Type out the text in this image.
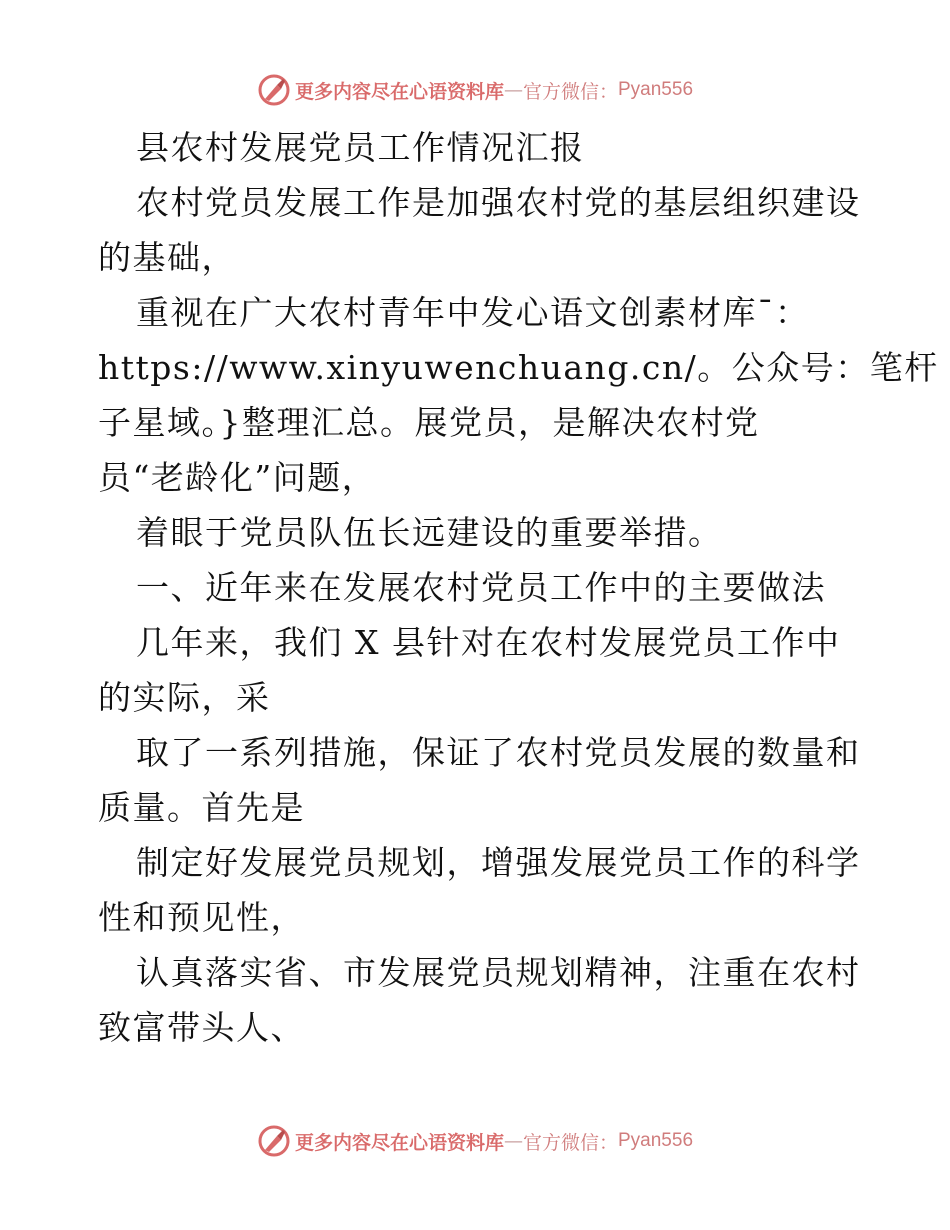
更多内容尽在心语资料库 — 官方微信： Pyan556

县农村发展党员工作情况汇报

农村党员发展工作是加强农村党的基层组织建设

的基础，

重视在广大农村青年中发心语文创素材库¯：

https://www.xinyuwenchuang.cn/。公众号：笔杆

子星域。}整理汇总。展党员，是解决农村党

员“老龄化”问题，

着眼于党员队伍长远建设的重要举措。

一、近年来在发展农村党员工作中的主要做法

几年来，我们 X 县针对在农村发展党员工作中

的实际，采

取了一系列措施，保证了农村党员发展的数量和

质量。首先是

制定好发展党员规划，增强发展党员工作的科学

性和预见性，

认真落实省、市发展党员规划精神，注重在农村

致富带头人、

更多内容尽在心语资料库 — 官方微信： Pyan556
